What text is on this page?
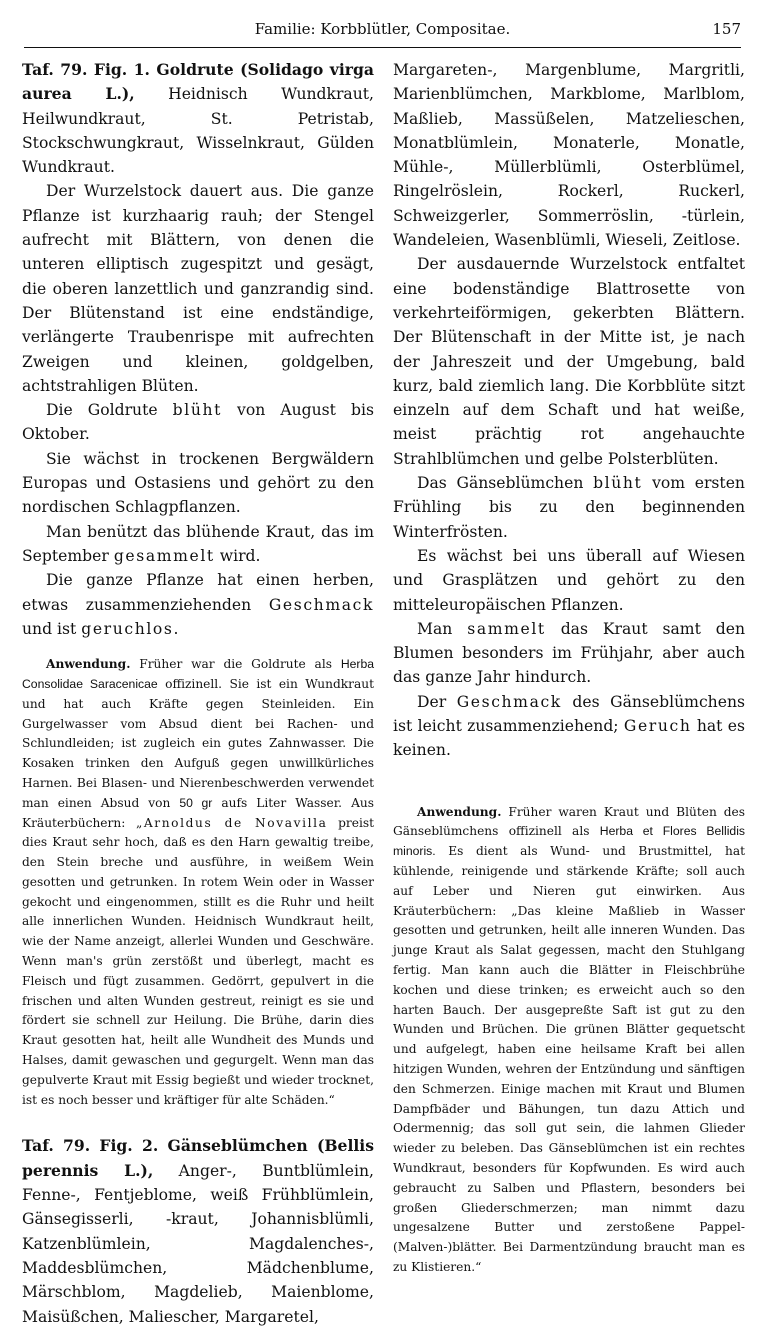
Familie: Korbblütler, Compositae.	157

Taf. 79. Fig. 1. Goldrute (Solidago virga aurea L.), Heidnisch Wundkraut, Heilwundkraut, St. Petristab, Stockschwungkraut, Wisselnkraut, Gülden Wundkraut.

Der Wurzelstock dauert aus. Die ganze Pflanze ist kurzhaarig rauh; der Stengel aufrecht mit Blättern, von denen die unteren elliptisch zugespitzt und gesägt, die oberen lanzettlich und ganzrandig sind. Der Blütenstand ist eine endständige, verlängerte Traubenrispe mit aufrechten Zweigen und kleinen, goldgelben, achtstrahligen Blüten.

Die Goldrute blüht von August bis Oktober.

Sie wächst in trockenen Bergwäldern Europas und Ostasiens und gehört zu den nordischen Schlagpflanzen.

Man benützt das blühende Kraut, das im September gesammelt wird.

Die ganze Pflanze hat einen herben, etwas zusammenziehenden Geschmack und ist geruchlos.

Anwendung. Früher war die Goldrute als Herba Consolidae Saracenicae offizinell. Sie ist ein Wundkraut und hat auch Kräfte gegen Steinleiden. Ein Gurgelwasser vom Absud dient bei Rachen- und Schlundleiden; ist zugleich ein gutes Zahnwasser. Die Kosaken trinken den Aufguß gegen unwillkürliches Harnen. Bei Blasen- und Nierenbeschwerden verwendet man einen Absud von 50 gr aufs Liter Wasser. Aus Kräuterbüchern: „Arnoldus de Novavilla preist dies Kraut sehr hoch, daß es den Harn gewaltig treibe, den Stein breche und ausführe, in weißem Wein gesotten und getrunken. In rotem Wein oder in Wasser gekocht und eingenommen, stillt es die Ruhr und heilt alle innerlichen Wunden. Heidnisch Wundkraut heilt, wie der Name anzeigt, allerlei Wunden und Geschwäre. Wenn man's grün zerstößt und überlegt, macht es Fleisch und fügt zusammen. Gedörrt, gepulvert in die frischen und alten Wunden gestreut, reinigt es sie und fördert sie schnell zur Heilung. Die Brühe, darin dies Kraut gesotten hat, heilt alle Wundheit des Munds und Halses, damit gewaschen und gegurgelt. Wenn man das gepulverte Kraut mit Essig begießt und wieder trocknet, ist es noch besser und kräftiger für alte Schäden.“

Taf. 79. Fig. 2. Gänseblümchen (Bellis perennis L.), Anger-, Buntblümlein, Fenne-, Fentjeblome, weiß Frühblümlein, Gänsegisserli, -kraut, Johannisblümli, Katzenblümlein, Magdalenches-, Maddesblümchen, Mädchenblume, Märschblom, Magdelieb, Maienblome, Maisüßchen, Maliescher, Margaretel,

Margareten-, Margenblume, Margritli, Marienblümchen, Markblome, Marlblom, Maßlieb, Massüßelen, Matzelieschen, Monatblümlein, Monaterle, Monatle, Mühle-, Müllerblümli, Osterblümel, Ringelröslein, Rockerl, Ruckerl, Schweizgerler, Sommerröslin, -türlein, Wandeleien, Wasenblümli, Wieseli, Zeitlose.

Der ausdauernde Wurzelstock entfaltet eine bodenständige Blattrosette von verkehrteiförmigen, gekerbten Blättern. Der Blütenschaft in der Mitte ist, je nach der Jahreszeit und der Umgebung, bald kurz, bald ziemlich lang. Die Korbblüte sitzt einzeln auf dem Schaft und hat weiße, meist prächtig rot angehauchte Strahlblümchen und gelbe Polsterblüten.

Das Gänseblümchen blüht vom ersten Frühling bis zu den beginnenden Winterfrösten.

Es wächst bei uns überall auf Wiesen und Grasplätzen und gehört zu den mitteleuropäischen Pflanzen.

Man sammelt das Kraut samt den Blumen besonders im Frühjahr, aber auch das ganze Jahr hindurch.

Der Geschmack des Gänseblümchens ist leicht zusammenziehend; Geruch hat es keinen.

Anwendung. Früher waren Kraut und Blüten des Gänseblümchens offizinell als Herba et Flores Bellidis minoris. Es dient als Wund- und Brustmittel, hat kühlende, reinigende und stärkende Kräfte; soll auch auf Leber und Nieren gut einwirken. Aus Kräuterbüchern: „Das kleine Maßlieb in Wasser gesotten und getrunken, heilt alle inneren Wunden. Das junge Kraut als Salat gegessen, macht den Stuhlgang fertig. Man kann auch die Blätter in Fleischbrühe kochen und diese trinken; es erweicht auch so den harten Bauch. Der ausgepreßte Saft ist gut zu den Wunden und Brüchen. Die grünen Blätter gequetscht und aufgelegt, haben eine heilsame Kraft bei allen hitzigen Wunden, wehren der Entzündung und sänftigen den Schmerzen. Einige machen mit Kraut und Blumen Dampfbäder und Bähungen, tun dazu Attich und Odermennig; das soll gut sein, die lahmen Glieder wieder zu beleben. Das Gänseblümchen ist ein rechtes Wundkraut, besonders für Kopfwunden. Es wird auch gebraucht zu Salben und Pflastern, besonders bei großen Gliederschmerzen; man nimmt dazu ungesalzene Butter und zerstoßene Pappel- (Malven-)blätter. Bei Darmentzündung braucht man es zu Klistieren.“
